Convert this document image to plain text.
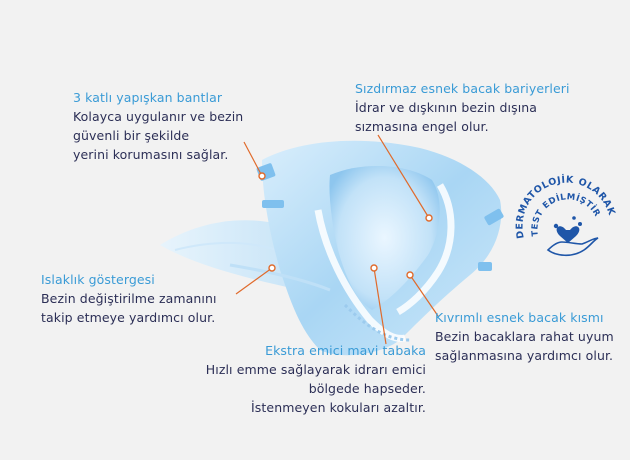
3 katlı yapışkan bantlar
Kolayca uygulanır ve bezin
güvenli bir şekilde
yerini korumasını sağlar.
Sızdırmaz esnek bacak bariyerleri
İdrar ve dışkının bezin dışına
sızmasına engel olur.
Islaklık göstergesi
Bezin değiştirilme zamanını
takip etmeye yardımcı olur.	Kıvrımlı esnek bacak kısmı
Bezin bacaklara rahat uyum
sağlanmasına yardımcı olur.
Ekstra emici mavi tabaka
Hızlı emme sağlayarak idrarı emici
bölgede hapseder.
İstenmeyen kokuları azaltır.
DERMATOLOJİK OLARAK
TEST EDİLMİŞTİR
